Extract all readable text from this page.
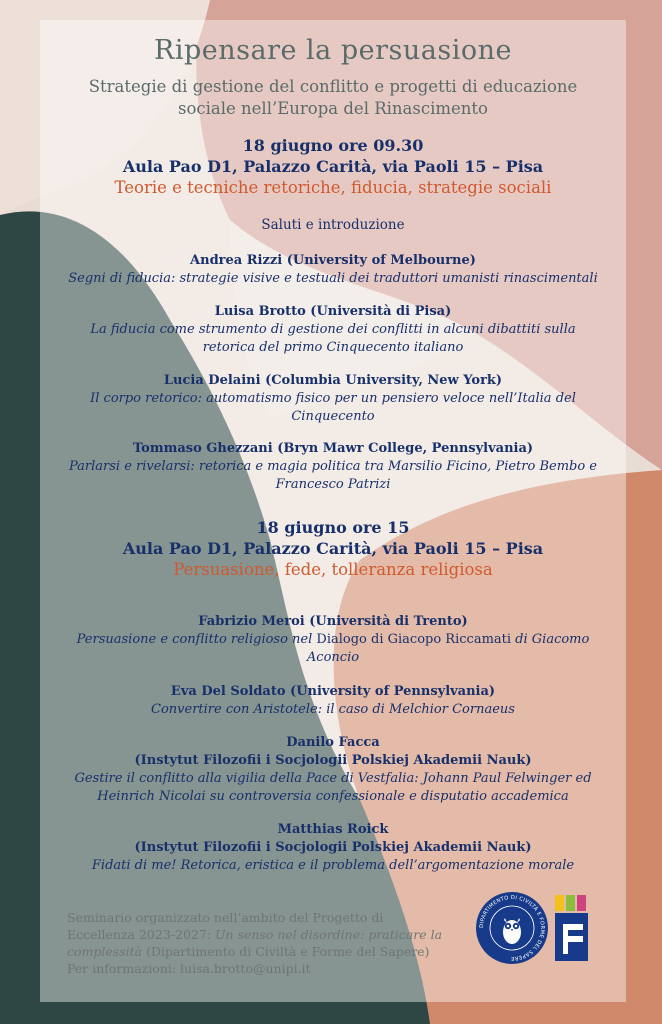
Ripensare la persuasione
Strategie di gestione del conflitto e progetti di educazione
sociale nell’Europa del Rinascimento
18 giugno ore 09.30
Aula Pao D1, Palazzo Carità, via Paoli 15 – Pisa
Teorie e tecniche retoriche, fiducia, strategie sociali
Saluti e introduzione
Andrea Rizzi (University of Melbourne)
Segni di fiducia: strategie visive e testuali dei traduttori umanisti rinascimentali
Luisa Brotto (Università di Pisa)
La fiducia come strumento di gestione dei conflitti in alcuni dibattiti sulla
retorica del primo Cinquecento italiano
Lucia Delaini (Columbia University, New York)
Il corpo retorico: automatismo fisico per un pensiero veloce nell’Italia del
Cinquecento
Tommaso Ghezzani (Bryn Mawr College, Pennsylvania)
Parlarsi e rivelarsi: retorica e magia politica tra Marsilio Ficino, Pietro Bembo e
Francesco Patrizi
18 giugno ore 15
Aula Pao D1, Palazzo Carità, via Paoli 15 – Pisa
Persuasione, fede, tolleranza religiosa
Fabrizio Meroi (Università di Trento)
Persuasione e conflitto religioso nel Dialogo di Giacopo Riccamati di Giacomo
Aconcio
Eva Del Soldato (University of Pennsylvania)
Convertire con Aristotele: il caso di Melchior Cornaeus
Danilo Facca
(Instytut Filozofii i Socjologii Polskiej Akademii Nauk)
Gestire il conflitto alla vigilia della Pace di Vestfalia: Johann Paul Felwinger ed
Heinrich Nicolai su controversia confessionale e disputatio accademica
Matthias Roick
(Instytut Filozofii i Socjologii Polskiej Akademii Nauk)
Fidati di me! Retorica, eristica e il problema dell’argomentazione morale
Seminario organizzato nell’ambito del Progetto di
Eccellenza 2023-2027: Un senso nel disordine: praticare la
complessità (Dipartimento di Civiltà e Forme del Sapere)
Per informazioni: luisa.brotto@unipi.it
DIPARTIMENTO DI CIVILTÀ E FORME DEL SAPERE
